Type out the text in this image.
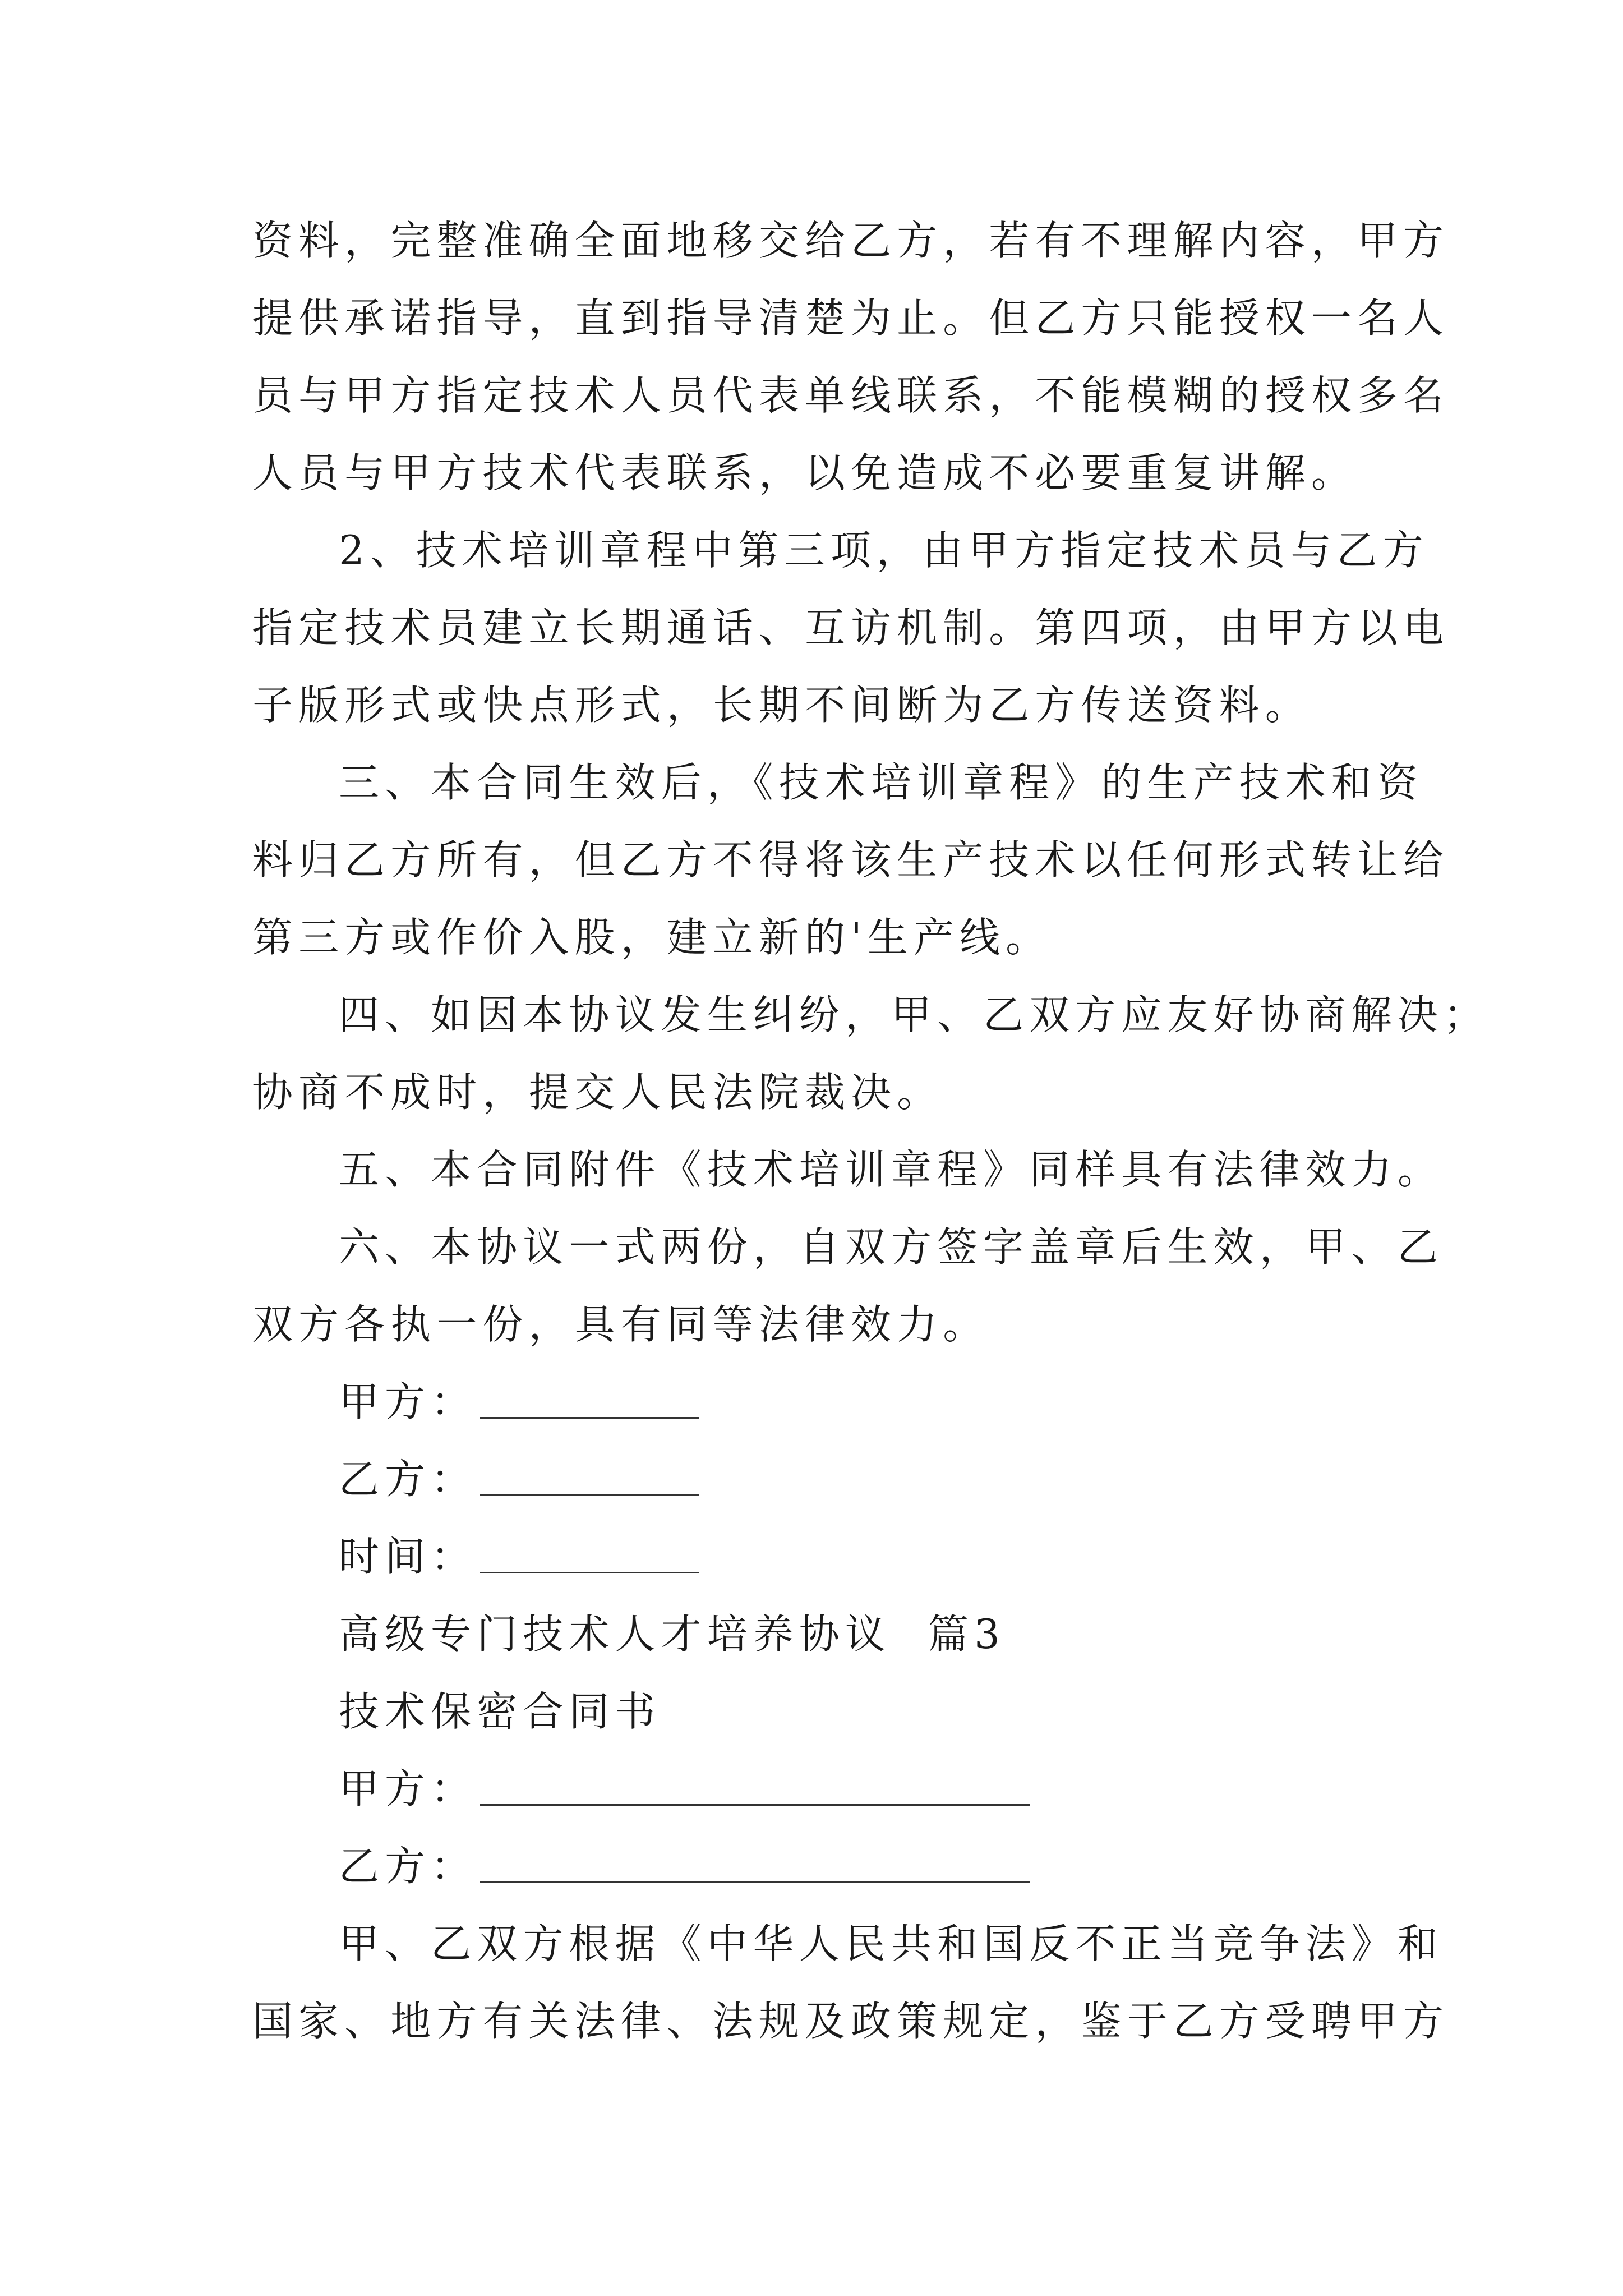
资料，完整准确全面地移交给乙方，若有不理解内容，甲方
提供承诺指导，直到指导清楚为止。但乙方只能授权一名人
员与甲方指定技术人员代表单线联系，不能模糊的授权多名
人员与甲方技术代表联系，以免造成不必要重复讲解。

2、技术培训章程中第三项，由甲方指定技术员与乙方
指定技术员建立长期通话、互访机制。第四项，由甲方以电
子版形式或快点形式，长期不间断为乙方传送资料。

三、本合同生效后，《技术培训章程》的生产技术和资
料归乙方所有，但乙方不得将该生产技术以任何形式转让给
第三方或作价入股，建立新的'生产线。

四、如因本协议发生纠纷，甲、乙双方应友好协商解决；
协商不成时，提交人民法院裁决。

五、本合同附件《技术培训章程》同样具有法律效力。

六、本协议一式两份，自双方签字盖章后生效，甲、乙
双方各执一份，具有同等法律效力。

甲方：
乙方：
时间：

高级专门技术人才培养协议  篇3

技术保密合同书

甲方：
乙方：

甲、乙双方根据《中华人民共和国反不正当竞争法》和
国家、地方有关法律、法规及政策规定，鉴于乙方受聘甲方
